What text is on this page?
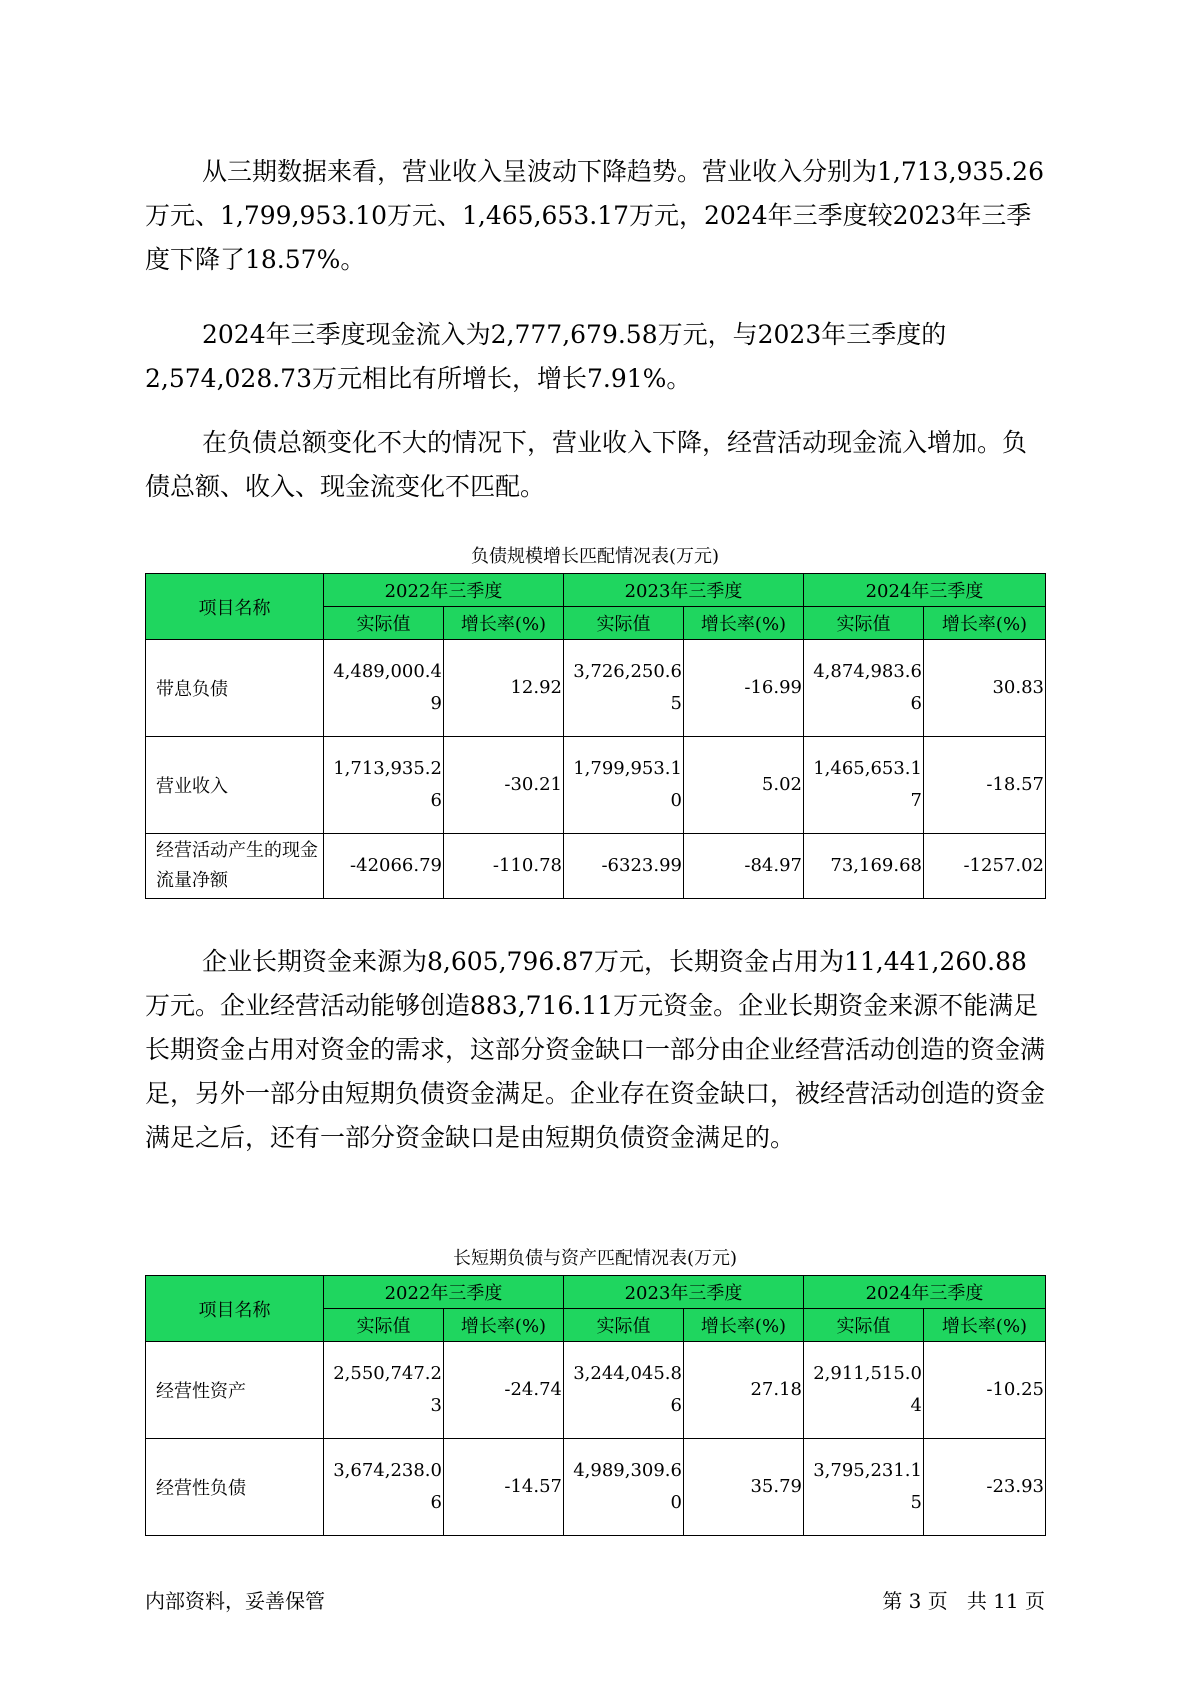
从三期数据来看，营业收入呈波动下降趋势。营业收入分别为1,713,935.26万元、1,799,953.10万元、1,465,653.17万元，2024年三季度较2023年三季度下降了18.57%。

2024年三季度现金流入为2,777,679.58万元，与2023年三季度的2,574,028.73万元相比有所增长，增长7.91%。

在负债总额变化不大的情况下，营业收入下降，经营活动现金流入增加。负债总额、收入、现金流变化不匹配。

负债规模增长匹配情况表(万元)
项目名称	2022年三季度		2023年三季度		2024年三季度	
	实际值	增长率(%)	实际值	增长率(%)	实际值	增长率(%)
带息负债	4,489,000.49	12.92	3,726,250.65	-16.99	4,874,983.66	30.83
营业收入	1,713,935.26	-30.21	1,799,953.10	5.02	1,465,653.17	-18.57
经营活动产生的现金流量净额	-42066.79	-110.78	-6323.99	-84.97	73,169.68	-1257.02

企业长期资金来源为8,605,796.87万元，长期资金占用为11,441,260.88万元。企业经营活动能够创造883,716.11万元资金。企业长期资金来源不能满足长期资金占用对资金的需求，这部分资金缺口一部分由企业经营活动创造的资金满足，另外一部分由短期负债资金满足。企业存在资金缺口，被经营活动创造的资金满足之后，还有一部分资金缺口是由短期负债资金满足的。

长短期负债与资产匹配情况表(万元)
项目名称	2022年三季度		2023年三季度		2024年三季度	
	实际值	增长率(%)	实际值	增长率(%)	实际值	增长率(%)
经营性资产	2,550,747.23	-24.74	3,244,045.86	27.18	2,911,515.04	-10.25
经营性负债	3,674,238.06	-14.57	4,989,309.60	35.79	3,795,231.15	-23.93
内部资料，妥善保管	第 3 页   共 11 页
